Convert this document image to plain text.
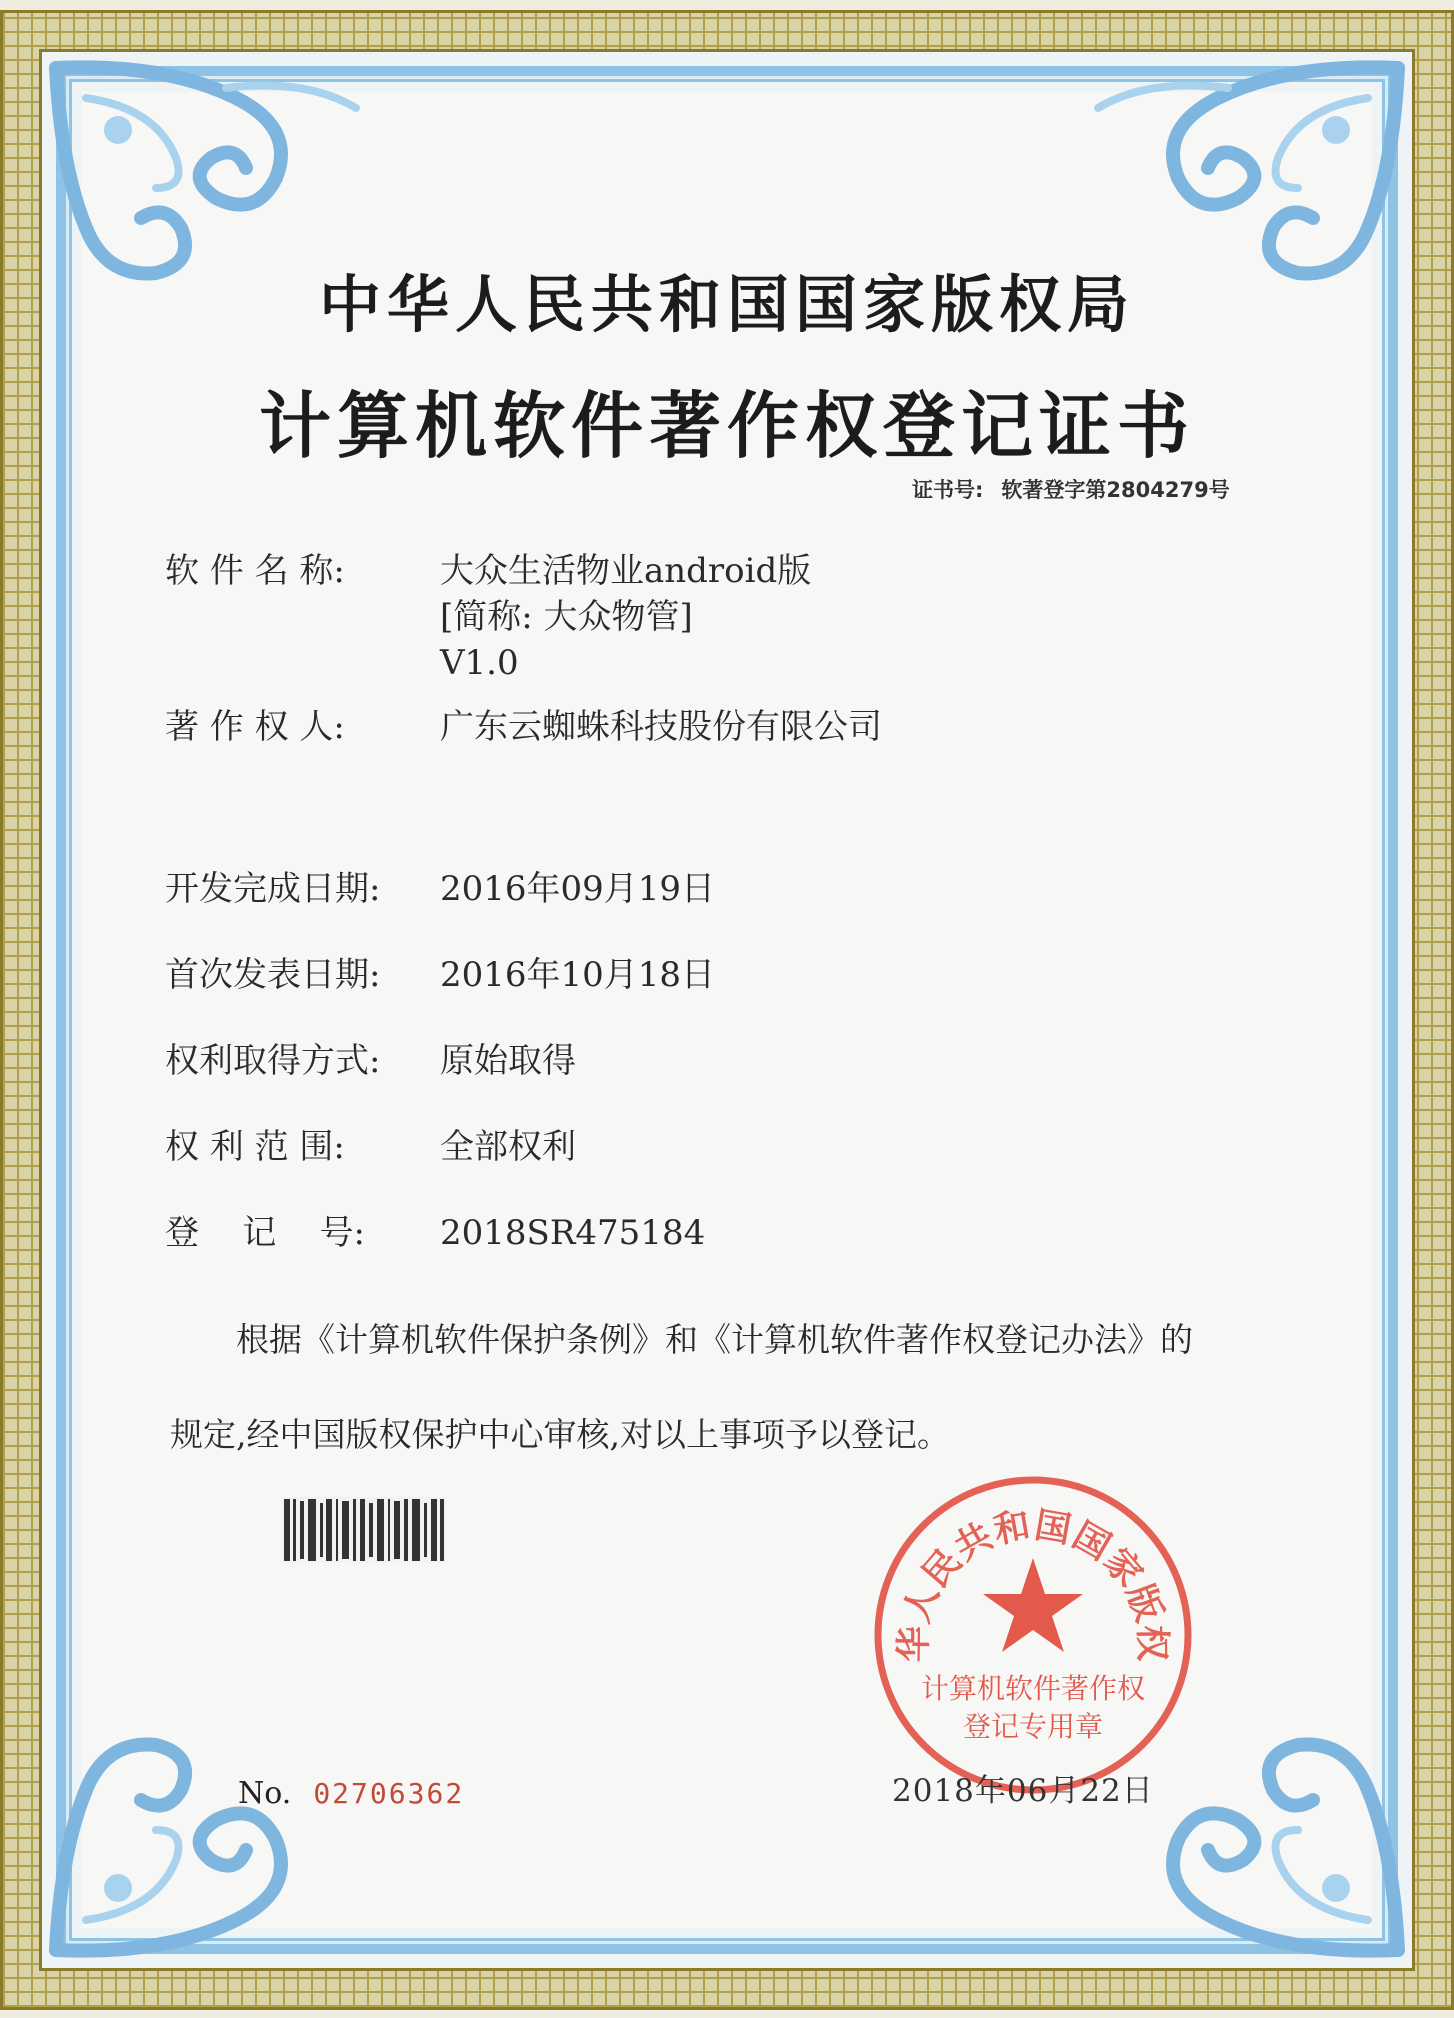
中华人民共和国国家版权局
计算机软件著作权登记证书
证书号: 软著登字第2804279号
软 件 名 称:	大众生活物业android版
[简称: 大众物管]
V1.0
著 作 权 人:	广东云蜘蛛科技股份有限公司
开发完成日期: 2016年09月19日
首次发表日期: 2016年10月18日
权利取得方式: 原始取得
权 利 范 围:	全部权利
登    记    号: 2018SR475184
根据《计算机软件保护条例》和《计算机软件著作权登记办法》的
规定,经中国版权保护中心审核,对以上事项予以登记。
No. 02706362
华人民共和国国家版权
计算机软件著作权
登记专用章
2018年06月22日
